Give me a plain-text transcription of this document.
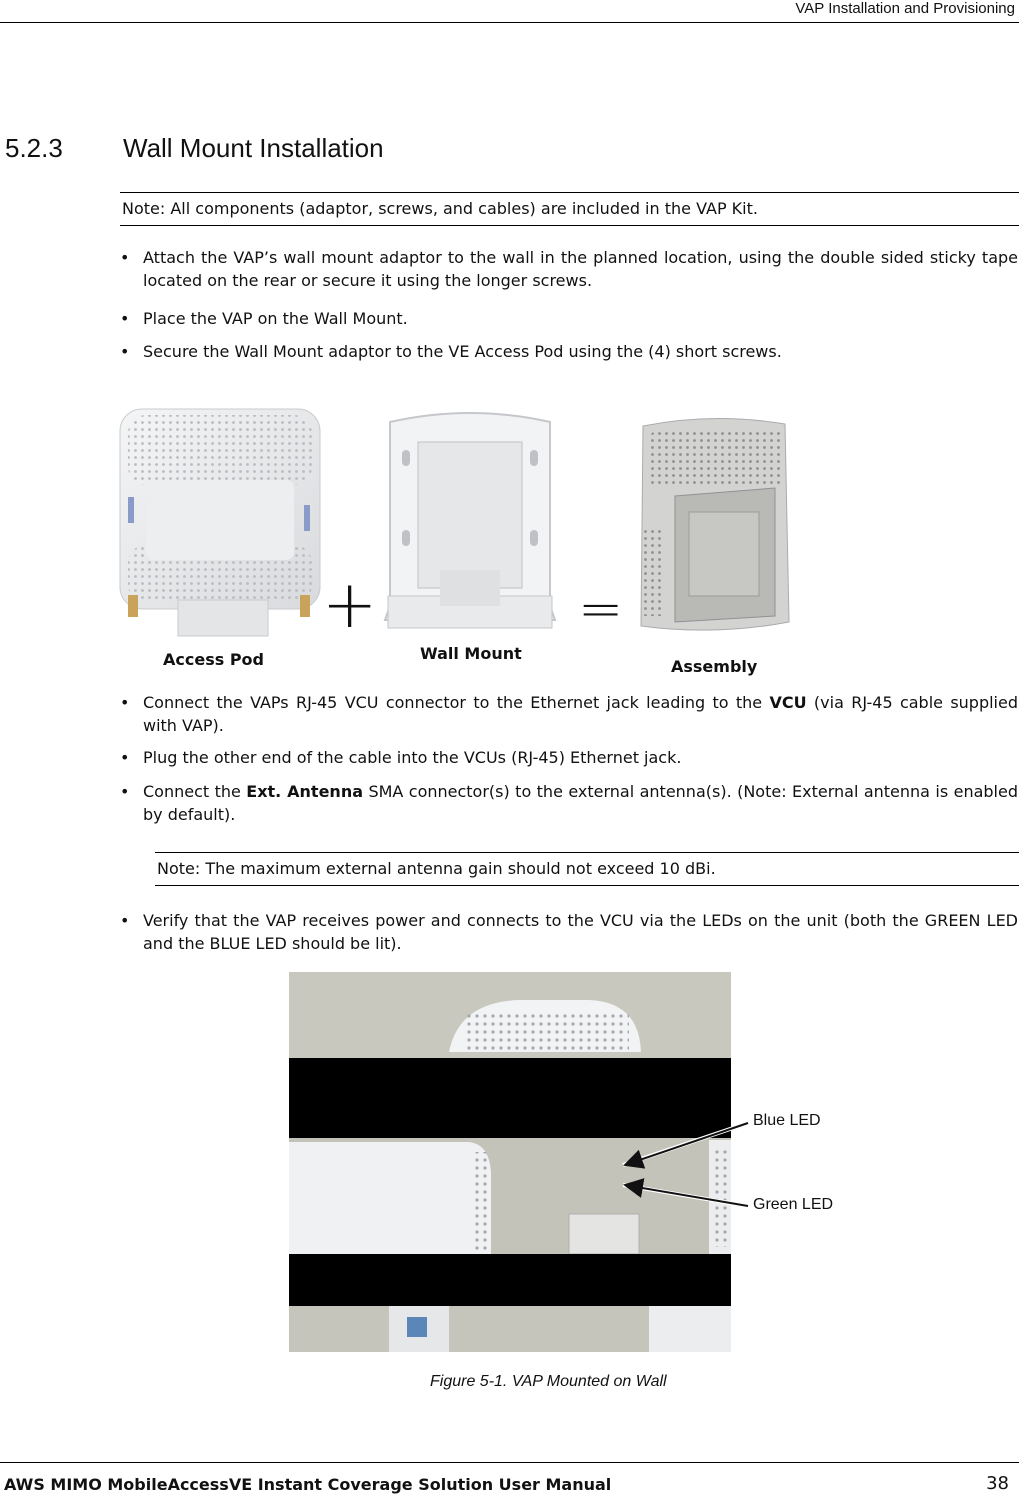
VAP Installation and Provisioning
5.2.3 Wall Mount Installation
Note: All components (adaptor, screws, and cables) are included in the VAP Kit.
• Attach the VAP’s wall mount adaptor to the wall in the planned location, using the double sided sticky tape located on the rear or secure it using the longer screws.
• Place the VAP on the Wall Mount.
• Secure the Wall Mount adaptor to the VE Access Pod using the (4) short screws.
+	=
Access Pod	Wall Mount
Assembly
• Connect the VAPs RJ-45 VCU connector to the Ethernet jack leading to the VCU (via RJ-45 cable supplied with VAP).
• Plug the other end of the cable into the VCUs (RJ-45) Ethernet jack.
• Connect the Ext. Antenna SMA connector(s) to the external antenna(s). (Note: External antenna is enabled by default).
Note: The maximum external antenna gain should not exceed 10 dBi.
• Verify that the VAP receives power and connects to the VCU via the LEDs on the unit (both the GREEN LED and the BLUE LED should be lit).
Blue LED
Green LED
Figure 5-1. VAP Mounted on Wall
AWS MIMO MobileAccessVE Instant Coverage Solution User Manual	38
